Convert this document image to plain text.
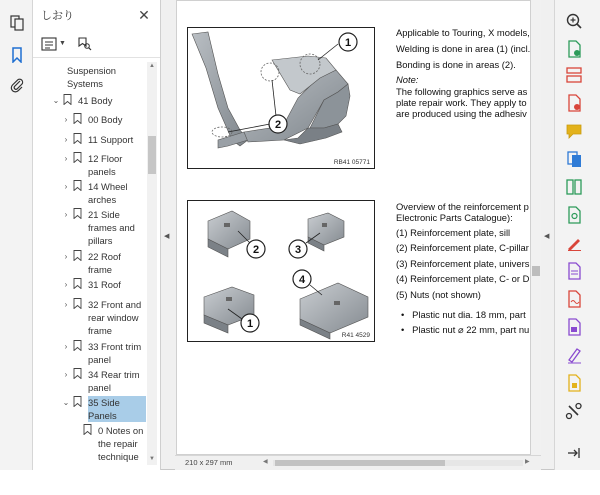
しおり	✕
▼
Suspension Systems
⌄ 41 Body
›	00 Body
›	11 Support
›	12 Floor panels
›	14 Wheel arches
›	21 Side frames and pillars
›	22 Roof frame
›	31 Roof
›	32 Front and rear window frame
›	33 Front trim panel
›	34 Rear trim panel
⌄ 35 Side Panels
0 Notes on the repair technique
▲
▼
◀
1
2
RB41 05771
Applicable to Touring, X models,
Welding is done in area (1) (incl.
Bonding is done in areas (2).
Note:
The following graphics serve as
plate repair work. They apply to
are produced using the adhesiv
2	3
1
4
R41 4529
Overview of the reinforcement p
Electronic Parts Catalogue):
(1) Reinforcement plate, sill
(2) Reinforcement plate, C-pillar
(3) Reinforcement plate, univers
(4) Reinforcement plate, C- or D
(5) Nuts (not shown)
•   Plastic nut dia. 18 mm, part
•   Plastic nut ⌀ 22 mm, part nu
◀
210 x 297 mm	◀	▶
